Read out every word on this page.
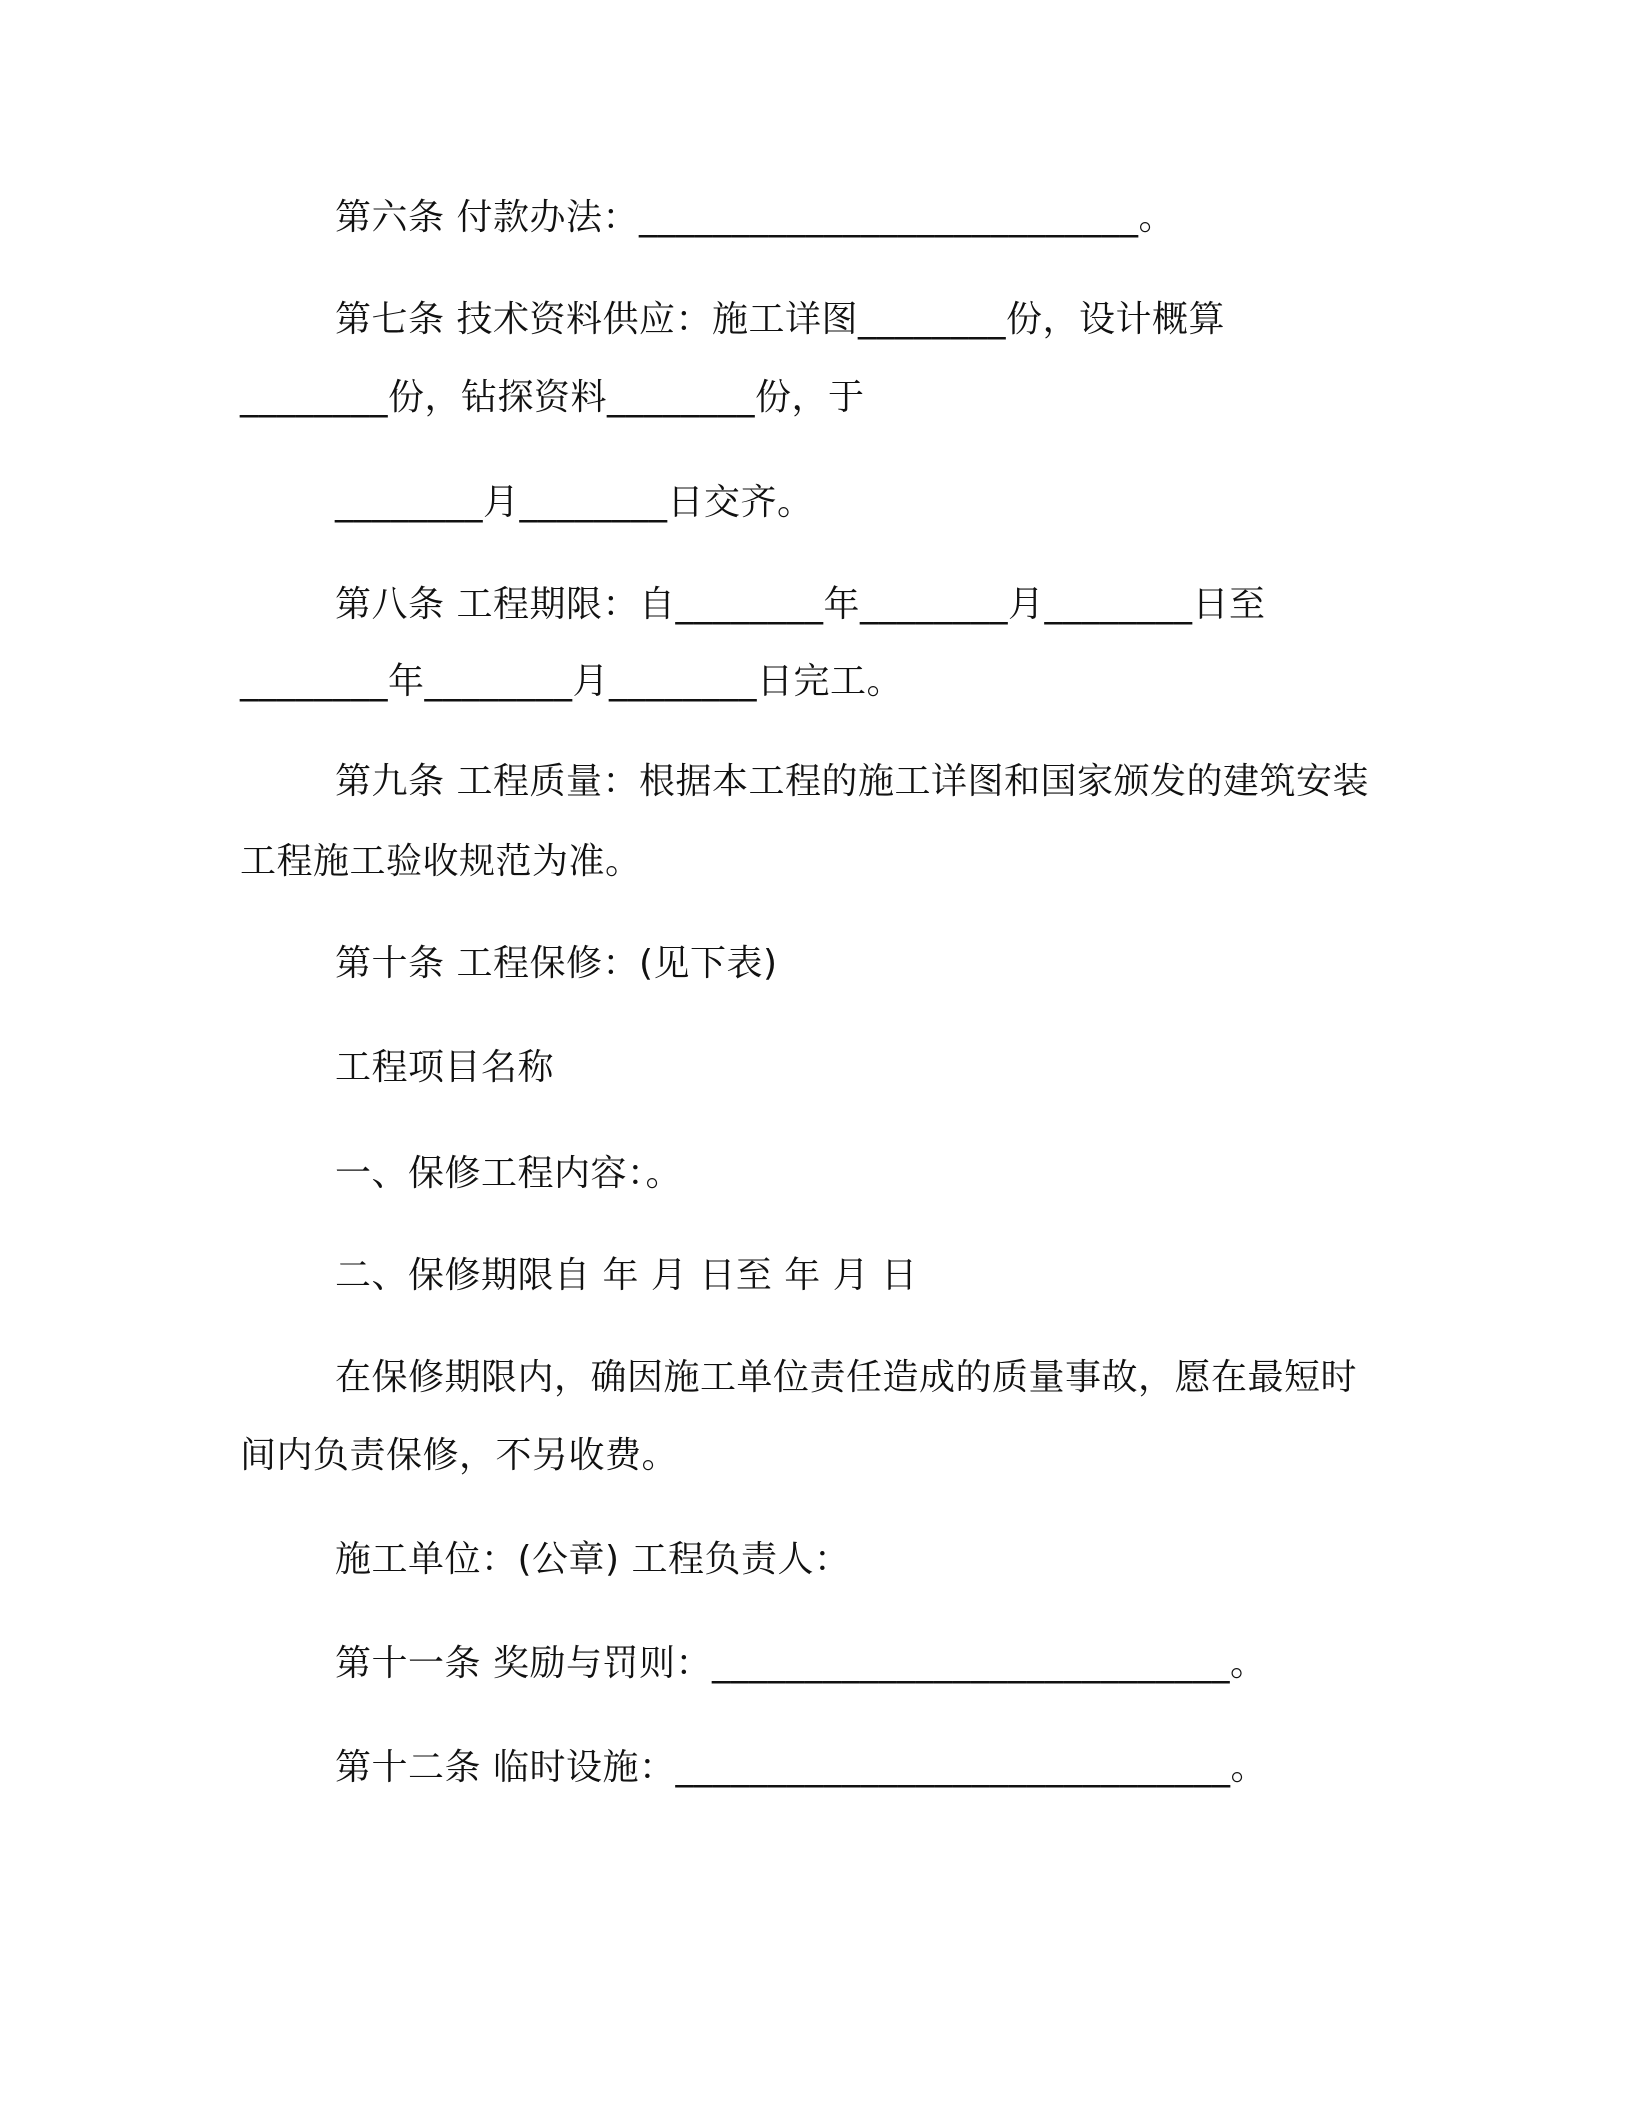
第六条 付款办法：___________________________。
第七条 技术资料供应：施工详图________份，设计概算
________份，钻探资料________份，于
________月________日交齐。
第八条 工程期限：自________年________月________日至
________年________月________日完工。
第九条 工程质量：根据本工程的施工详图和国家颁发的建筑安装
工程施工验收规范为准。
第十条 工程保修：(见下表)
工程项目名称
一、保修工程内容：。
二、保修期限自 年 月 日至 年 月 日
在保修期限内，确因施工单位责任造成的质量事故，愿在最短时
间内负责保修，不另收费。
施工单位：(公章) 工程负责人：
第十一条 奖励与罚则：____________________________。
第十二条 临时设施：______________________________。
